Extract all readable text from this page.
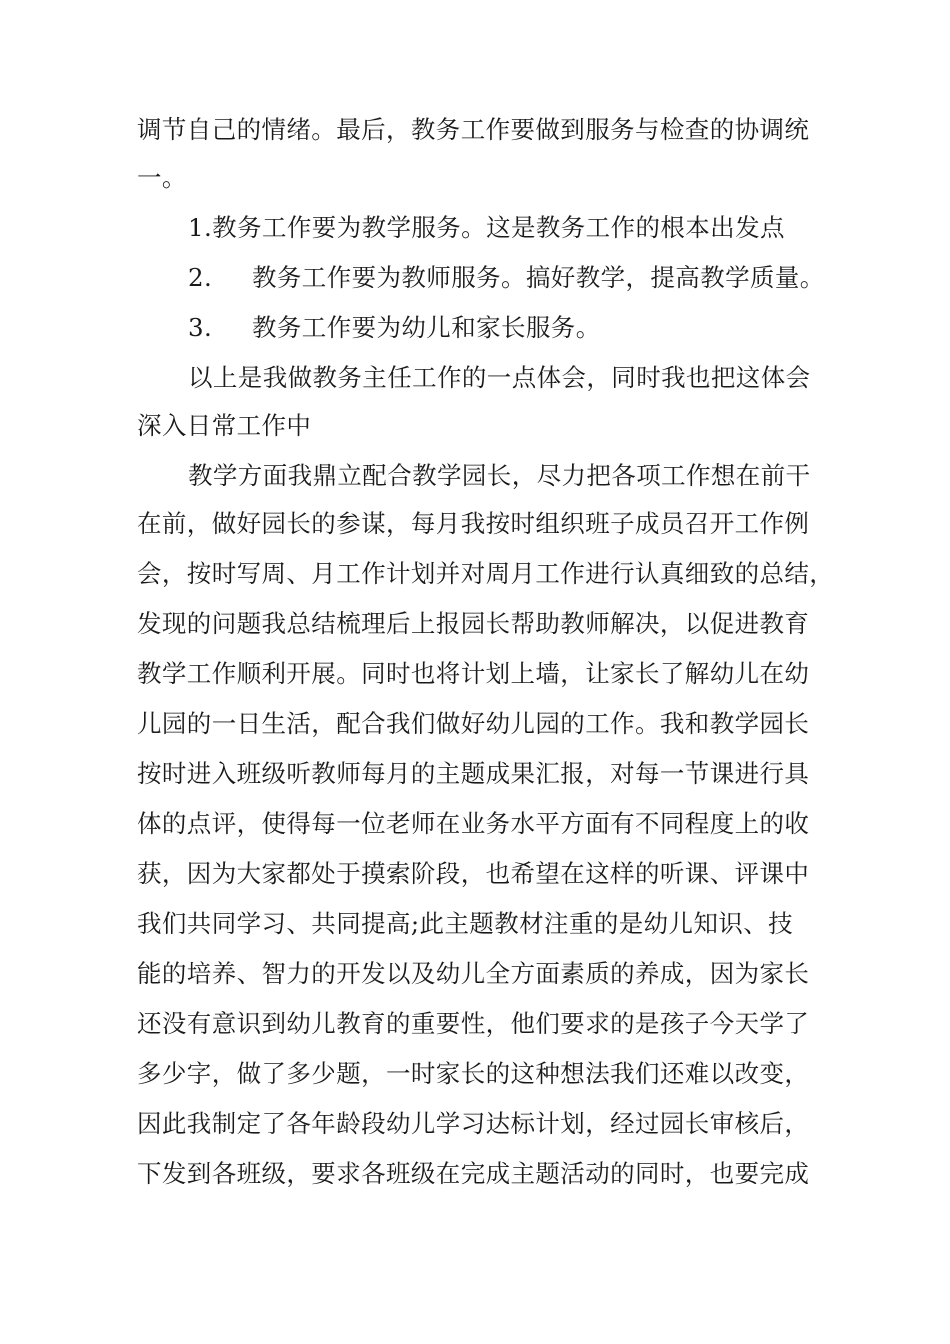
调节自己的情绪。最后，教务工作要做到服务与检查的协调统
一。
1.教务工作要为教学服务。这是教务工作的根本出发点
2. 教务工作要为教师服务。搞好教学，提高教学质量。
3. 教务工作要为幼儿和家长服务。
以上是我做教务主任工作的一点体会，同时我也把这体会
深入日常工作中
教学方面我鼎立配合教学园长，尽力把各项工作想在前干
在前，做好园长的参谋，每月我按时组织班子成员召开工作例
会，按时写周、月工作计划并对周月工作进行认真细致的总结，
发现的问题我总结梳理后上报园长帮助教师解决，以促进教育
教学工作顺利开展。同时也将计划上墙，让家长了解幼儿在幼
儿园的一日生活，配合我们做好幼儿园的工作。我和教学园长
按时进入班级听教师每月的主题成果汇报，对每一节课进行具
体的点评，使得每一位老师在业务水平方面有不同程度上的收
获，因为大家都处于摸索阶段，也希望在这样的听课、评课中
我们共同学习、共同提高;此主题教材注重的是幼儿知识、技
能的培养、智力的开发以及幼儿全方面素质的养成，因为家长
还没有意识到幼儿教育的重要性，他们要求的是孩子今天学了
多少字，做了多少题，一时家长的这种想法我们还难以改变，
因此我制定了各年龄段幼儿学习达标计划，经过园长审核后，
下发到各班级，要求各班级在完成主题活动的同时，也要完成
